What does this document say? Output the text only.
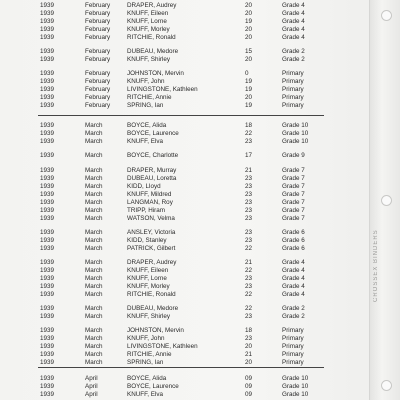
1939	February	DRAPER, Audrey	20	Grade 4
1939	February	KNUFF, Eileen	20	Grade 4
1939	February	KNUFF, Lorne	19	Grade 4
1939	February	KNUFF, Morley	20	Grade 4
1939	February	RITCHIE, Ronald	20	Grade 4
1939	February	DUBEAU, Medore	15	Grade 2
1939	February	KNUFF, Shirley	20	Grade 2
1939	February	JOHNSTON, Mervin	0	Primary
1939	February	KNUFF, John	19	Primary
1939	February	LIVINGSTONE, Kathleen	19	Primary
1939	February	RITCHIE, Annie	20	Primary
1939	February	SPRING, Ian	19	Primary
1939	March	BOYCE, Alida	18	Grade 10
1939	March	BOYCE, Laurence	22	Grade 10
1939	March	KNUFF, Elva	23	Grade 10
1939	March	BOYCE, Charlotte	17	Grade 9
1939	March	DRAPER, Murray	21	Grade 7
1939	March	DUBEAU, Loretta	23	Grade 7
1939	March	KIDD, Lloyd	23	Grade 7
1939	March	KNUFF, Mildred	23	Grade 7
1939	March	LANGMAN, Roy	23	Grade 7
1939	March	TRIPP, Hiram	23	Grade 7
1939	March	WATSON, Velma	23	Grade 7
1939	March	ANSLEY, Victoria	23	Grade 6
1939	March	KIDD, Stanley	23	Grade 6
1939	March	PATRICK, Gilbert	22	Grade 6
1939	March	DRAPER, Audrey	21	Grade 4
1939	March	KNUFF, Eileen	22	Grade 4
1939	March	KNUFF, Lorne	23	Grade 4
1939	March	KNUFF, Morley	23	Grade 4
1939	March	RITCHIE, Ronald	22	Grade 4
1939	March	DUBEAU, Medore	22	Grade 2
1939	March	KNUFF, Shirley	23	Grade 2
1939	March	JOHNSTON, Mervin	18	Primary
1939	March	KNUFF, John	23	Primary
1939	March	LIVINGSTONE, Kathleen	20	Primary
1939	March	RITCHIE, Annie	21	Primary
1939	March	SPRING, Ian	20	Primary
1939	April	BOYCE, Alida	09	Grade 10
1939	April	BOYCE, Laurence	09	Grade 10
1939	April	KNUFF, Elva	09	Grade 10
CROSSEX BINDERS
